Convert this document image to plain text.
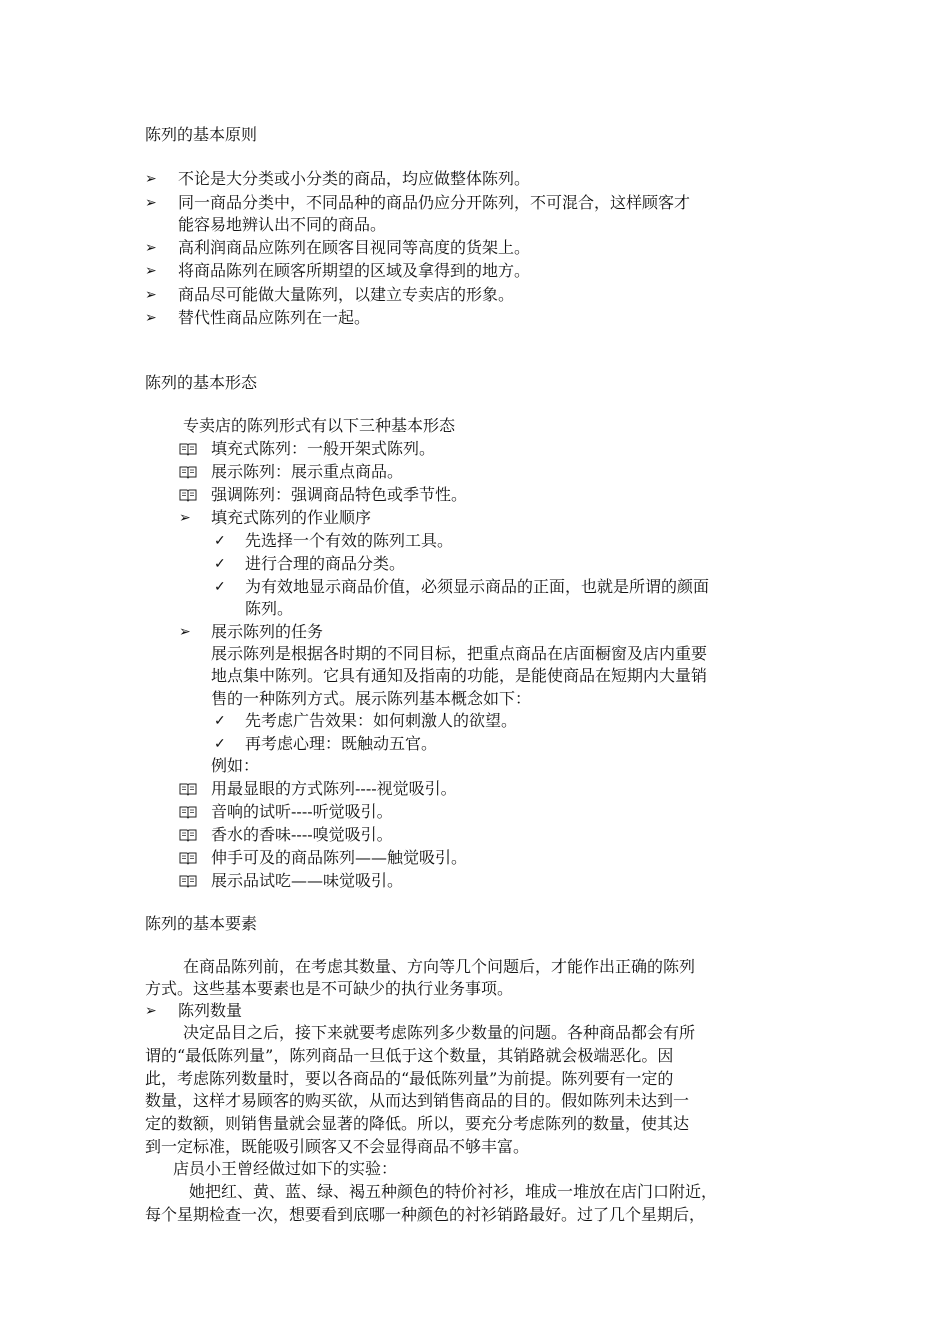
陈列的基本原则
➢ 不论是大分类或小分类的商品，均应做整体陈列。
➢ 同一商品分类中，不同品种的商品仍应分开陈列，不可混合，这样顾客才
能容易地辨认出不同的商品。
➢ 高利润商品应陈列在顾客目视同等高度的货架上。
➢ 将商品陈列在顾客所期望的区域及拿得到的地方。
➢ 商品尽可能做大量陈列，以建立专卖店的形象。
➢ 替代性商品应陈列在一起。
陈列的基本形态
专卖店的陈列形式有以下三种基本形态
填充式陈列：一般开架式陈列。
展示陈列：展示重点商品。
强调陈列：强调商品特色或季节性。
➢ 填充式陈列的作业顺序
✓ 先选择一个有效的陈列工具。
✓ 进行合理的商品分类。
✓ 为有效地显示商品价值，必须显示商品的正面，也就是所谓的颜面
陈列。
➢ 展示陈列的任务
展示陈列是根据各时期的不同目标，把重点商品在店面橱窗及店内重要
地点集中陈列。它具有通知及指南的功能，是能使商品在短期内大量销
售的一种陈列方式。展示陈列基本概念如下：
✓ 先考虑广告效果：如何刺激人的欲望。
✓ 再考虑心理：既触动五官。
例如：
用最显眼的方式陈列----视觉吸引。
音响的试听----听觉吸引。
香水的香味----嗅觉吸引。
伸手可及的商品陈列——触觉吸引。
展示品试吃——味觉吸引。
陈列的基本要素
在商品陈列前，在考虑其数量、方向等几个问题后，才能作出正确的陈列
方式。这些基本要素也是不可缺少的执行业务事项。
➢ 陈列数量
决定品目之后，接下来就要考虑陈列多少数量的问题。各种商品都会有所
谓的“最低陈列量”，陈列商品一旦低于这个数量，其销路就会极端恶化。因
此，考虑陈列数量时，要以各商品的“最低陈列量”为前提。陈列要有一定的
数量，这样才易顾客的购买欲，从而达到销售商品的目的。假如陈列未达到一
定的数额，则销售量就会显著的降低。所以，要充分考虑陈列的数量，使其达
到一定标准，既能吸引顾客又不会显得商品不够丰富。
店员小王曾经做过如下的实验：
她把红、黄、蓝、绿、褐五种颜色的特价衬衫，堆成一堆放在店门口附近，
每个星期检查一次，想要看到底哪一种颜色的衬衫销路最好。过了几个星期后，
